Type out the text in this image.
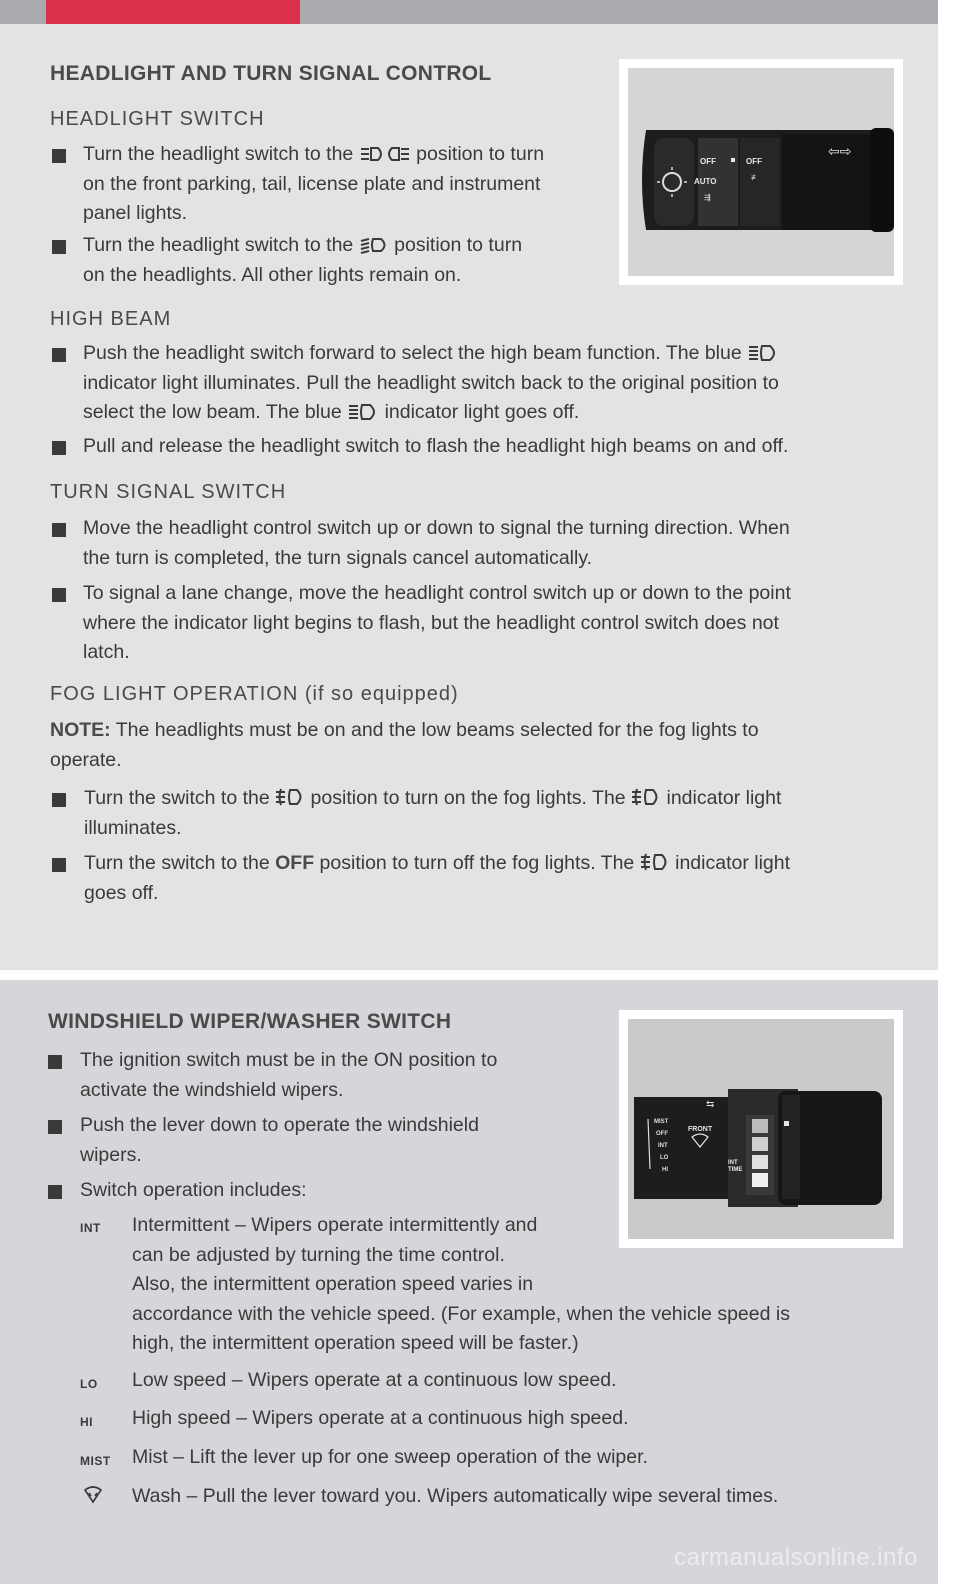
HEADLIGHT AND TURN SIGNAL CONTROL
HEADLIGHT SWITCH
Turn the headlight switch to the	position to turn
on the front parking, tail, license plate and instrument
panel lights.
Turn the headlight switch to the position to turn
on the headlights. All other lights remain on.
OFF
AUTO
OFF
⇶
≢
⇦⇨
HIGH BEAM
Push the headlight switch forward to select the high beam function. The blue
indicator light illuminates. Pull the headlight switch back to the original position to
select the low beam. The blue indicator light goes off.
Pull and release the headlight switch to flash the headlight high beams on and off.
TURN SIGNAL SWITCH
Move the headlight control switch up or down to signal the turning direction. When
the turn is completed, the turn signals cancel automatically.
To signal a lane change, move the headlight control switch up or down to the point
where the indicator light begins to flash, but the headlight control switch does not
latch.
FOG LIGHT OPERATION (if so equipped)
NOTE: The headlights must be on and the low beams selected for the fog lights to
operate.
Turn the switch to the position to turn on the fog lights. The indicator light
illuminates.
Turn the switch to the OFF position to turn off the fog lights. The indicator light
goes off.
WINDSHIELD WIPER/WASHER SWITCH
The ignition switch must be in the ON position to
activate the windshield wipers.
Push the lever down to operate the windshield
wipers.
Switch operation includes:
INT Intermittent – Wipers operate intermittently and
can be adjusted by turning the time control.
Also, the intermittent operation speed varies in
accordance with the vehicle speed. (For example, when the vehicle speed is
high, the intermittent operation speed will be faster.)
LO Low speed – Wipers operate at a continuous low speed.
HI High speed – Wipers operate at a continuous high speed.
MIST Mist – Lift the lever up for one sweep operation of the wiper.
Wash – Pull the lever toward you. Wipers automatically wipe several times.
⇆
MIST
OFF
INT
LO
HI
FRONT
INT
TIME
carmanualsonline.info
